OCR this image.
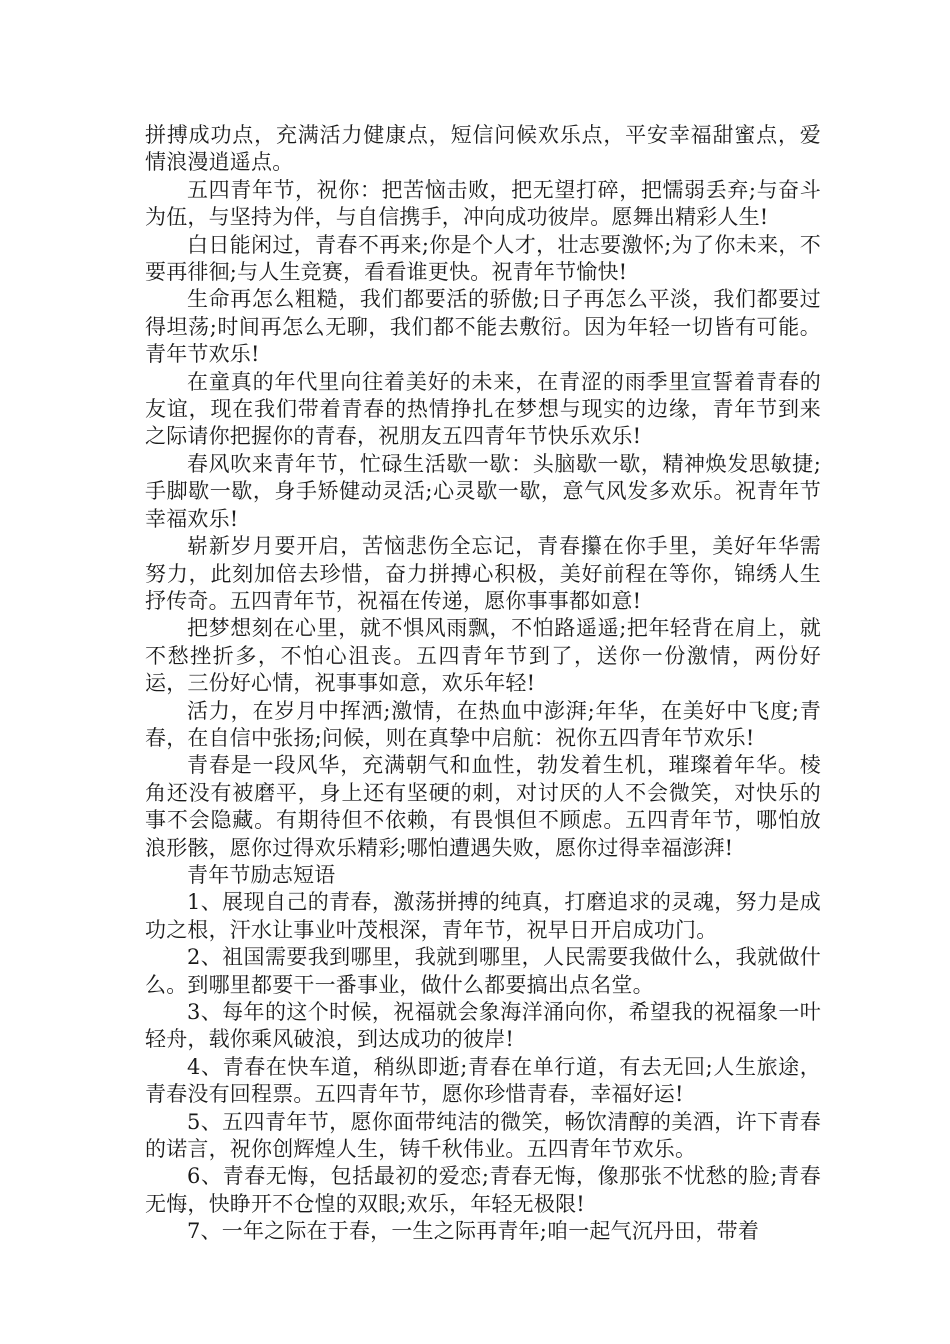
拼搏成功点，充满活力健康点，短信问候欢乐点，平安幸福甜蜜点，爱情浪漫逍遥点。

五四青年节，祝你：把苦恼击败，把无望打碎，把懦弱丢弃;与奋斗为伍，与坚持为伴，与自信携手，冲向成功彼岸。愿舞出精彩人生!

白日能闲过，青春不再来;你是个人才，壮志要激怀;为了你未来，不要再徘徊;与人生竞赛，看看谁更快。祝青年节愉快!

生命再怎么粗糙，我们都要活的骄傲;日子再怎么平淡，我们都要过得坦荡;时间再怎么无聊，我们都不能去敷衍。因为年轻一切皆有可能。青年节欢乐!

在童真的年代里向往着美好的未来，在青涩的雨季里宣誓着青春的友谊，现在我们带着青春的热情挣扎在梦想与现实的边缘，青年节到来之际请你把握你的青春，祝朋友五四青年节快乐欢乐!

春风吹来青年节，忙碌生活歇一歇：头脑歇一歇，精神焕发思敏捷;手脚歇一歇，身手矫健动灵活;心灵歇一歇，意气风发多欢乐。祝青年节幸福欢乐!

崭新岁月要开启，苦恼悲伤全忘记，青春攥在你手里，美好年华需努力，此刻加倍去珍惜，奋力拼搏心积极，美好前程在等你，锦绣人生抒传奇。五四青年节，祝福在传递，愿你事事都如意!

把梦想刻在心里，就不惧风雨飘，不怕路遥遥;把年轻背在肩上，就不愁挫折多，不怕心沮丧。五四青年节到了，送你一份激情，两份好运，三份好心情，祝事事如意，欢乐年轻!

活力，在岁月中挥洒;激情，在热血中澎湃;年华，在美好中飞度;青春，在自信中张扬;问候，则在真挚中启航：祝你五四青年节欢乐!

青春是一段风华，充满朝气和血性，勃发着生机，璀璨着年华。棱角还没有被磨平，身上还有坚硬的刺，对讨厌的人不会微笑，对快乐的事不会隐藏。有期待但不依赖，有畏惧但不顾虑。五四青年节，哪怕放浪形骸，愿你过得欢乐精彩;哪怕遭遇失败，愿你过得幸福澎湃!

青年节励志短语

1、展现自己的青春，激荡拼搏的纯真，打磨追求的灵魂，努力是成功之根，汗水让事业叶茂根深，青年节，祝早日开启成功门。

2、祖国需要我到哪里，我就到哪里，人民需要我做什么，我就做什么。到哪里都要干一番事业，做什么都要搞出点名堂。

3、每年的这个时候，祝福就会象海洋涌向你，希望我的祝福象一叶轻舟，载你乘风破浪，到达成功的彼岸!

4、青春在快车道，稍纵即逝;青春在单行道，有去无回;人生旅途，青春没有回程票。五四青年节，愿你珍惜青春，幸福好运!

5、五四青年节，愿你面带纯洁的微笑，畅饮清醇的美酒，许下青春的诺言，祝你创辉煌人生，铸千秋伟业。五四青年节欢乐。

6、青春无悔，包括最初的爱恋;青春无悔，像那张不忧愁的脸;青春无悔，快睁开不仓惶的双眼;欢乐，年轻无极限!

7、一年之际在于春，一生之际再青年;咱一起气沉丹田，带着
